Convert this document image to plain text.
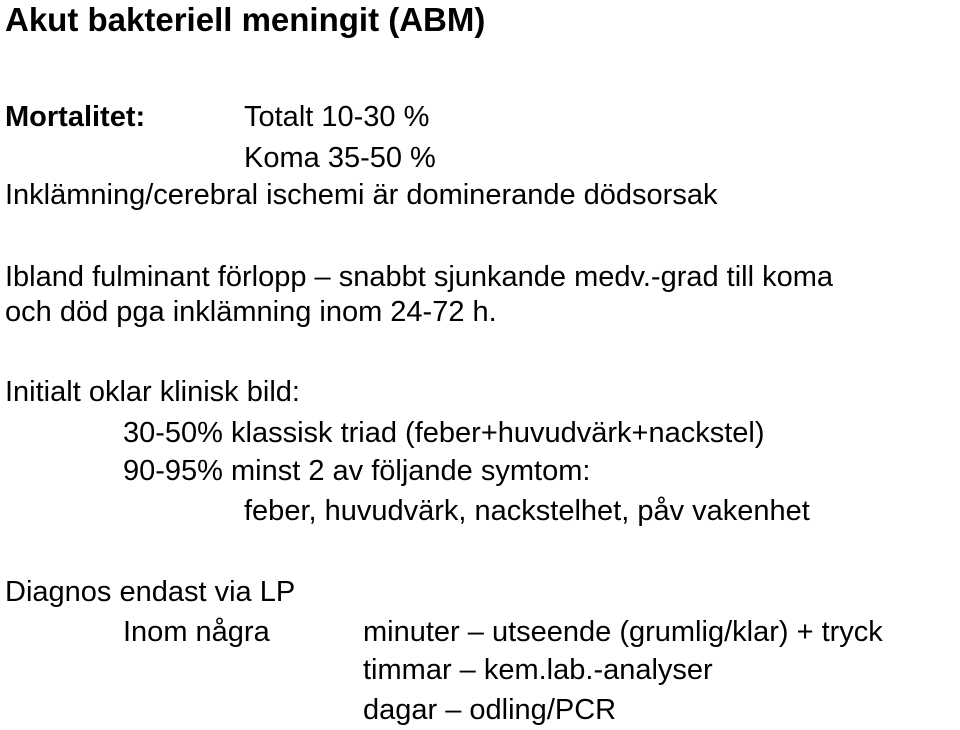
Akut bakteriell meningit (ABM)
Mortalitet:	Totalt 10-30 %
Koma 35-50 %
Inklämning/cerebral ischemi är dominerande dödsorsak
Ibland fulminant förlopp – snabbt sjunkande medv.-grad till koma
och död pga inklämning inom 24-72 h.
Initialt oklar klinisk bild:
30-50% klassisk triad (feber+huvudvärk+nackstel)
90-95% minst 2 av följande symtom:
feber, huvudvärk, nackstelhet, påv vakenhet
Diagnos endast via LP
Inom några	minuter – utseende (grumlig/klar) + tryck
timmar – kem.lab.-analyser
dagar – odling/PCR
